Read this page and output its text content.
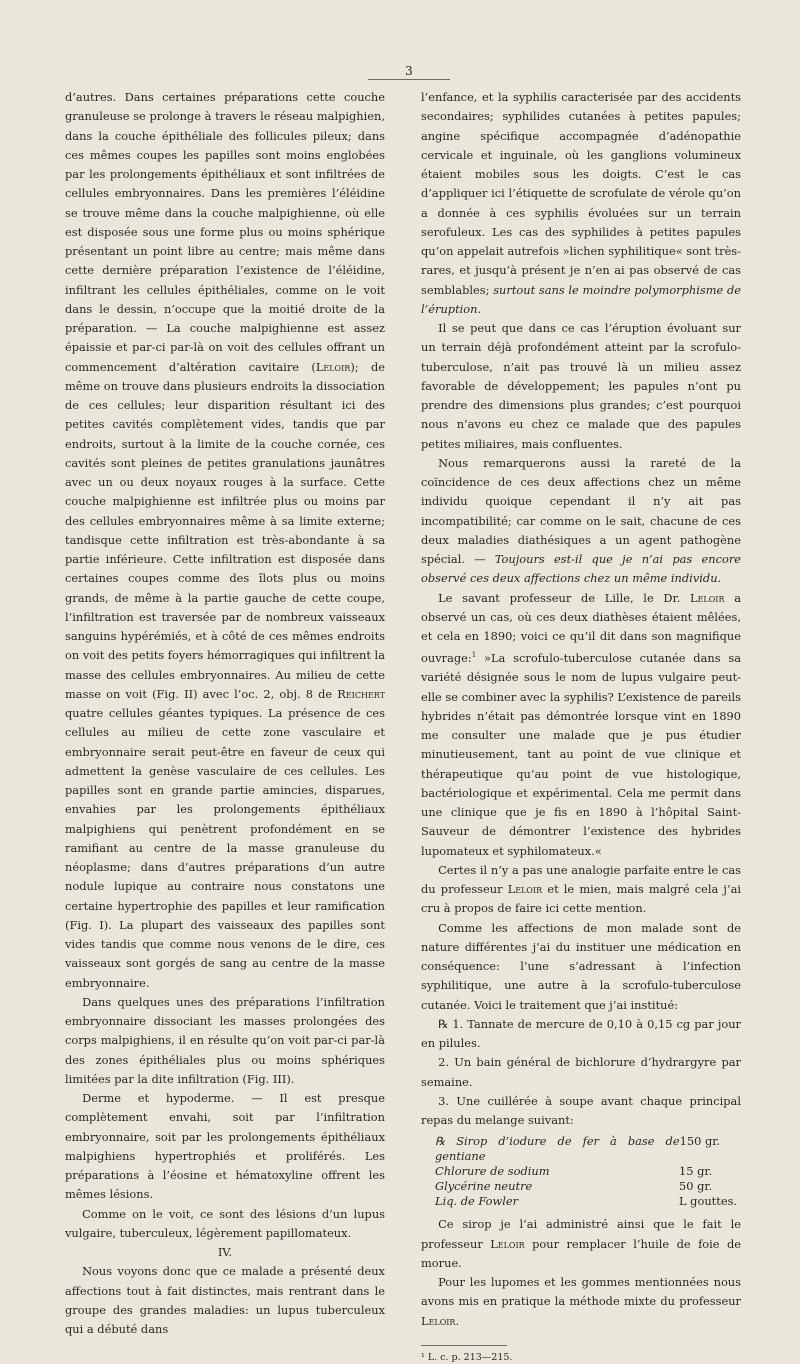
3

d’autres. Dans certaines préparations cette couche granuleuse se prolonge à travers le réseau malpighien, dans la couche épithéliale des follicules pileux; dans ces mêmes coupes les papilles sont moins englobées par les prolongements épithéliaux et sont infiltrées de cellules embryonnaires. Dans les premières l’éléidine se trouve même dans la couche malpighienne, où elle est disposée sous une forme plus ou moins sphérique présentant un point libre au centre; mais même dans cette dernière préparation l’existence de l’éléidine, infiltrant les cellules épithéliales, comme on le voit dans le dessin, n’occupe que la moitié droite de la préparation. — La couche malpighienne est assez épaissie et par-ci par-là on voit des cellules offrant un commencement d’altération cavitaire (Leloir); de même on trouve dans plusieurs endroits la dissociation de ces cellules; leur disparition résultant ici des petites cavités complètement vides, tandis que par endroits, surtout à la limite de la couche cornée, ces cavités sont pleines de petites granulations jaunâtres avec un ou deux noyaux rouges à la surface. Cette couche malpighienne est infiltrée plus ou moins par des cellules embryonnaires même à sa limite externe; tandisque cette infiltration est très-abondante à sa partie inférieure. Cette infiltration est disposée dans certaines coupes comme des îlots plus ou moins grands, de même à la partie gauche de cette coupe, l’infiltration est traversée par de nombreux vaisseaux sanguins hypérémiés, et à côté de ces mêmes endroits on voit des petits foyers hémorragiques qui infiltrent la masse des cellules embryonnaires. Au milieu de cette masse on voit (Fig. II) avec l’oc. 2, obj. 8 de Reichert quatre cellules géantes typiques. La présence de ces cellules au milieu de cette zone vasculaire et embryonnaire serait peut-être en faveur de ceux qui admettent la genèse vasculaire de ces cellules. Les papilles sont en grande partie amincies, disparues, envahies par les prolongements épithéliaux malpighiens qui penètrent profondément en se ramifiant au centre de la masse granuleuse du néoplasme; dans d’autres préparations d’un autre nodule lupique au contraire nous constatons une certaine hypertrophie des papilles et leur ramification (Fig. I). La plupart des vaisseaux des papilles sont vides tandis que comme nous venons de le dire, ces vaisseaux sont gorgés de sang au centre de la masse embryonnaire.

Dans quelques unes des préparations l’infiltration embryonnaire dissociant les masses prolongées des corps malpighiens, il en résulte qu’on voit par-ci par-là des zones épithéliales plus ou moins sphériques limitées par la dite infiltration (Fig. III).

Derme et hypoderme. — Il est presque complètement envahi, soit par l’infiltration embryonnaire, soit par les prolongements épithéliaux malpighiens hypertrophiés et proliférés. Les préparations à l’éosine et hématoxyline offrent les mêmes lésions.

Comme on le voit, ce sont des lésions d’un lupus vulgaire, tuberculeux, légèrement papillomateux.

IV.

Nous voyons donc que ce malade a présenté deux affections tout à fait distinctes, mais rentrant dans le groupe des grandes maladies: un lupus tuberculeux qui a débuté dans

l’enfance, et la syphilis caracterisée par des accidents secondaires; syphilides cutanées à petites papules; angine spécifique accompagnée d’adénopathie cervicale et inguinale, où les ganglions volumineux étaient mobiles sous les doigts. C’est le cas d’appliquer ici l’étiquette de scrofulate de vérole qu’on a donnée à ces syphilis évoluées sur un terrain serofuleux. Les cas des syphilides à petites papules qu’on appelait autrefois »lichen syphilitique« sont très-rares, et jusqu’à présent je n’en ai pas observé de cas semblables; surtout sans le moindre polymorphisme de l’éruption.

Il se peut que dans ce cas l’éruption évoluant sur un terrain déjà profondément atteint par la scrofulo-tuberculose, n’ait pas trouvé là un milieu assez favorable de développement; les papules n’ont pu prendre des dimensions plus grandes; c’est pourquoi nous n’avons eu chez ce malade que des papules petites miliaires, mais confluentes.

Nous remarquerons aussi la rareté de la coïncidence de ces deux affections chez un même individu quoique cependant il n’y ait pas incompatibilité; car comme on le sait, chacune de ces deux maladies diathésiques a un agent pathogène spécial. — Toujours est-il que je n’ai pas encore observé ces deux affections chez un même individu.

Le savant professeur de Lille, le Dr. Leloir a observé un cas, où ces deux diathèses étaient mêlées, et cela en 1890; voici ce qu’il dit dans son magnifique ouvrage:$^1$ »La scrofulo-tuberculose cutanée dans sa variété désignée sous le nom de lupus vulgaire peut-elle se combiner avec la syphilis? L’existence de pareils hybrides n’était pas démontrée lorsque vint en 1890 me consulter une malade que je pus étudier minutieusement, tant au point de vue clinique et thérapeutique qu’au point de vue histologique, bactériologique et expérimental. Cela me permit dans une clinique que je fis en 1890 à l’hôpital Saint-Sauveur de démontrer l’existence des hybrides lupomateux et syphilomateux.«

Certes il n’y a pas une analogie parfaite entre le cas du professeur Leloir et le mien, mais malgré cela j’ai cru à propos de faire ici cette mention.

Comme les affections de mon malade sont de nature différentes j’ai du instituer une médication en conséquence: l’une s’adressant à l’infection syphilitique, une autre à la scrofulo-tuberculose cutanée. Voici le traitement que j’ai institué:

℞ 1. Tannate de mercure de 0,10 à 0,15 cg par jour en pilules.

2. Un bain général de bichlorure d’hydrargyre par semaine.

3. Une cuillérée à soupe avant chaque principal repas du melange suivant:

℞ Sirop d’iodure de fer à base de gentiane
150 gr.
Chlorure de sodium	15 gr.
Glycérine neutre	50 gr.
Liq. de Fowler	L gouttes.

Ce sirop je l’ai administré ainsi que le fait le professeur Leloir pour remplacer l’huile de foie de morue.

Pour les lupomes et les gommes mentionnées nous avons mis en pratique la méthode mixte du professeur Leloir.

¹ L. c. p. 213—215.
